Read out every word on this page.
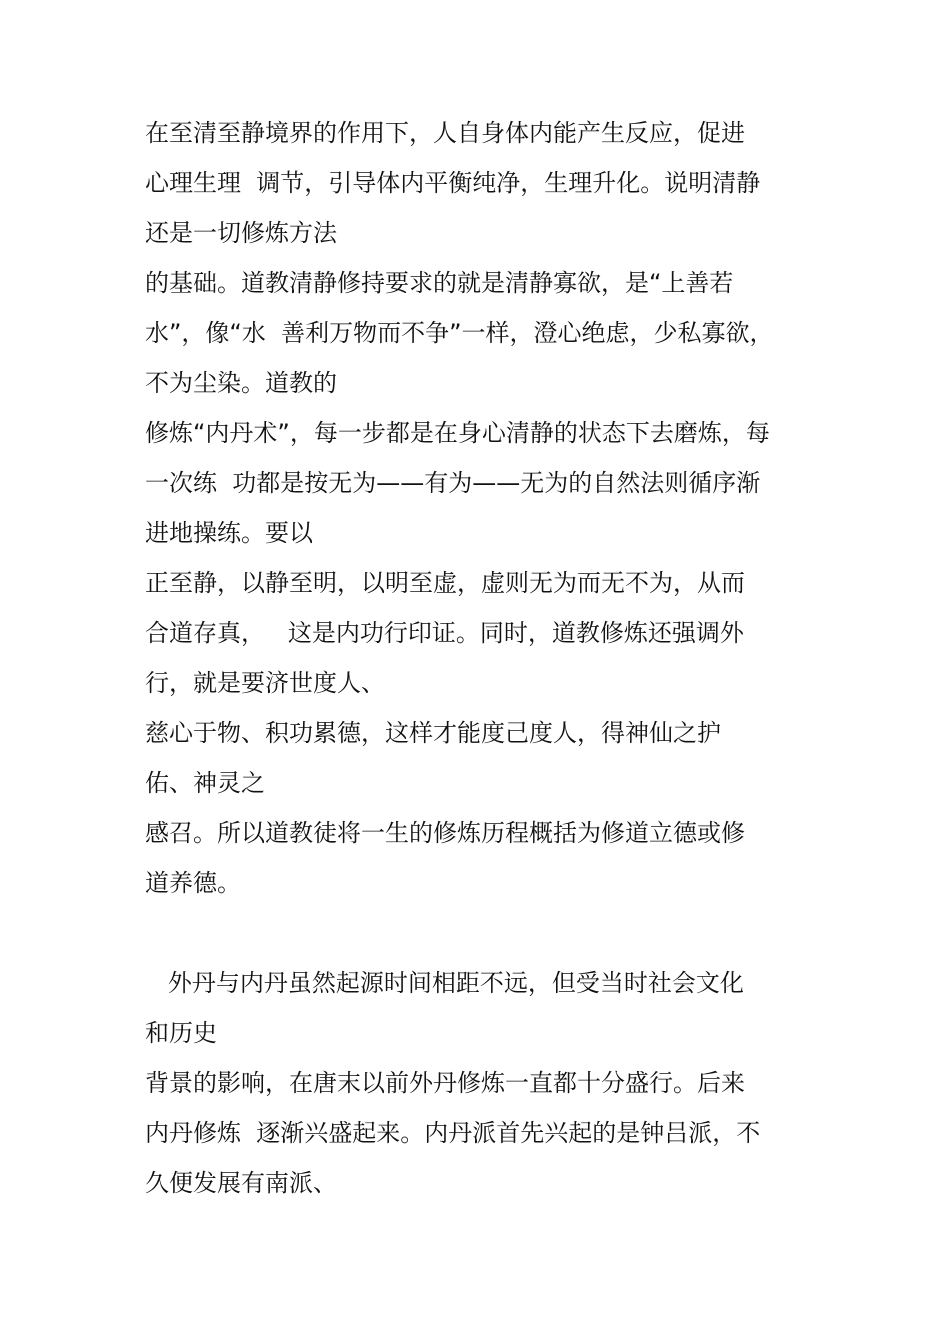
在至清至静境界的作用下，人自身体内能产生反应，促进
心理生理  调节，引导体内平衡纯净，生理升化。说明清静
还是一切修炼方法
的基础。道教清静修持要求的就是清静寡欲，是“上善若
水”，像“水  善利万物而不争”一样，澄心绝虑，少私寡欲，
不为尘染。道教的
修炼“内丹术”，每一步都是在身心清静的状态下去磨炼，每
一次练  功都是按无为——有为——无为的自然法则循序渐
进地操练。要以
正至静，以静至明，以明至虚，虚则无为而无不为，从而
合道存真，   这是内功行印证。同时，道教修炼还强调外
行，就是要济世度人、
慈心于物、积功累德，这样才能度己度人，得神仙之护
佑、神灵之
感召。所以道教徒将一生的修炼历程概括为修道立德或修
道养德。
外丹与内丹虽然起源时间相距不远，但受当时社会文化
和历史
背景的影响，在唐末以前外丹修炼一直都十分盛行。后来
内丹修炼  逐渐兴盛起来。内丹派首先兴起的是钟吕派，不
久便发展有南派、
